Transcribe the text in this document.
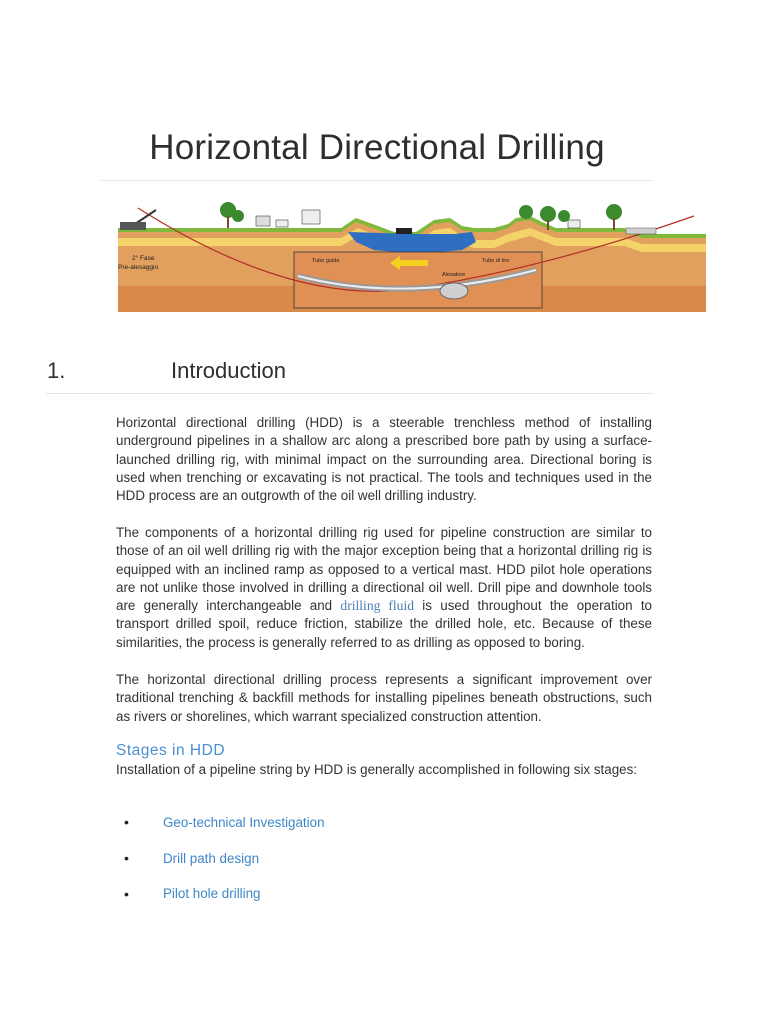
Horizontal Directional Drilling
2° Fase
Pre-alesaggio
Tubo guida	Tubo di tiro
Alesatore
1.	Introduction
Horizontal directional drilling (HDD) is a steerable trenchless method of installing underground pipelines in a shallow arc along a prescribed bore path by using a surface-launched drilling rig, with minimal impact on the surrounding area. Directional boring is used when trenching or excavating is not practical. The tools and techniques used in the HDD process are an outgrowth of the oil well drilling industry.
The components of a horizontal drilling rig used for pipeline construction are similar to those of an oil well drilling rig with the major exception being that a horizontal drilling rig is equipped with an inclined ramp as opposed to a vertical mast. HDD pilot hole operations are not unlike those involved in drilling a directional oil well. Drill pipe and downhole tools are generally interchangeable and drilling fluid is used throughout the operation to transport drilled spoil, reduce friction, stabilize the drilled hole, etc. Because of these similarities, the process is generally referred to as drilling as opposed to boring.
The horizontal directional drilling process represents a significant improvement over traditional trenching & backfill methods for installing pipelines beneath obstructions, such as rivers or shorelines, which warrant specialized construction attention.
Stages in HDD
Installation of a pipeline string by HDD is generally accomplished in following six stages:
•	Geo-technical Investigation
•	Drill path design
•	Pilot hole drilling
